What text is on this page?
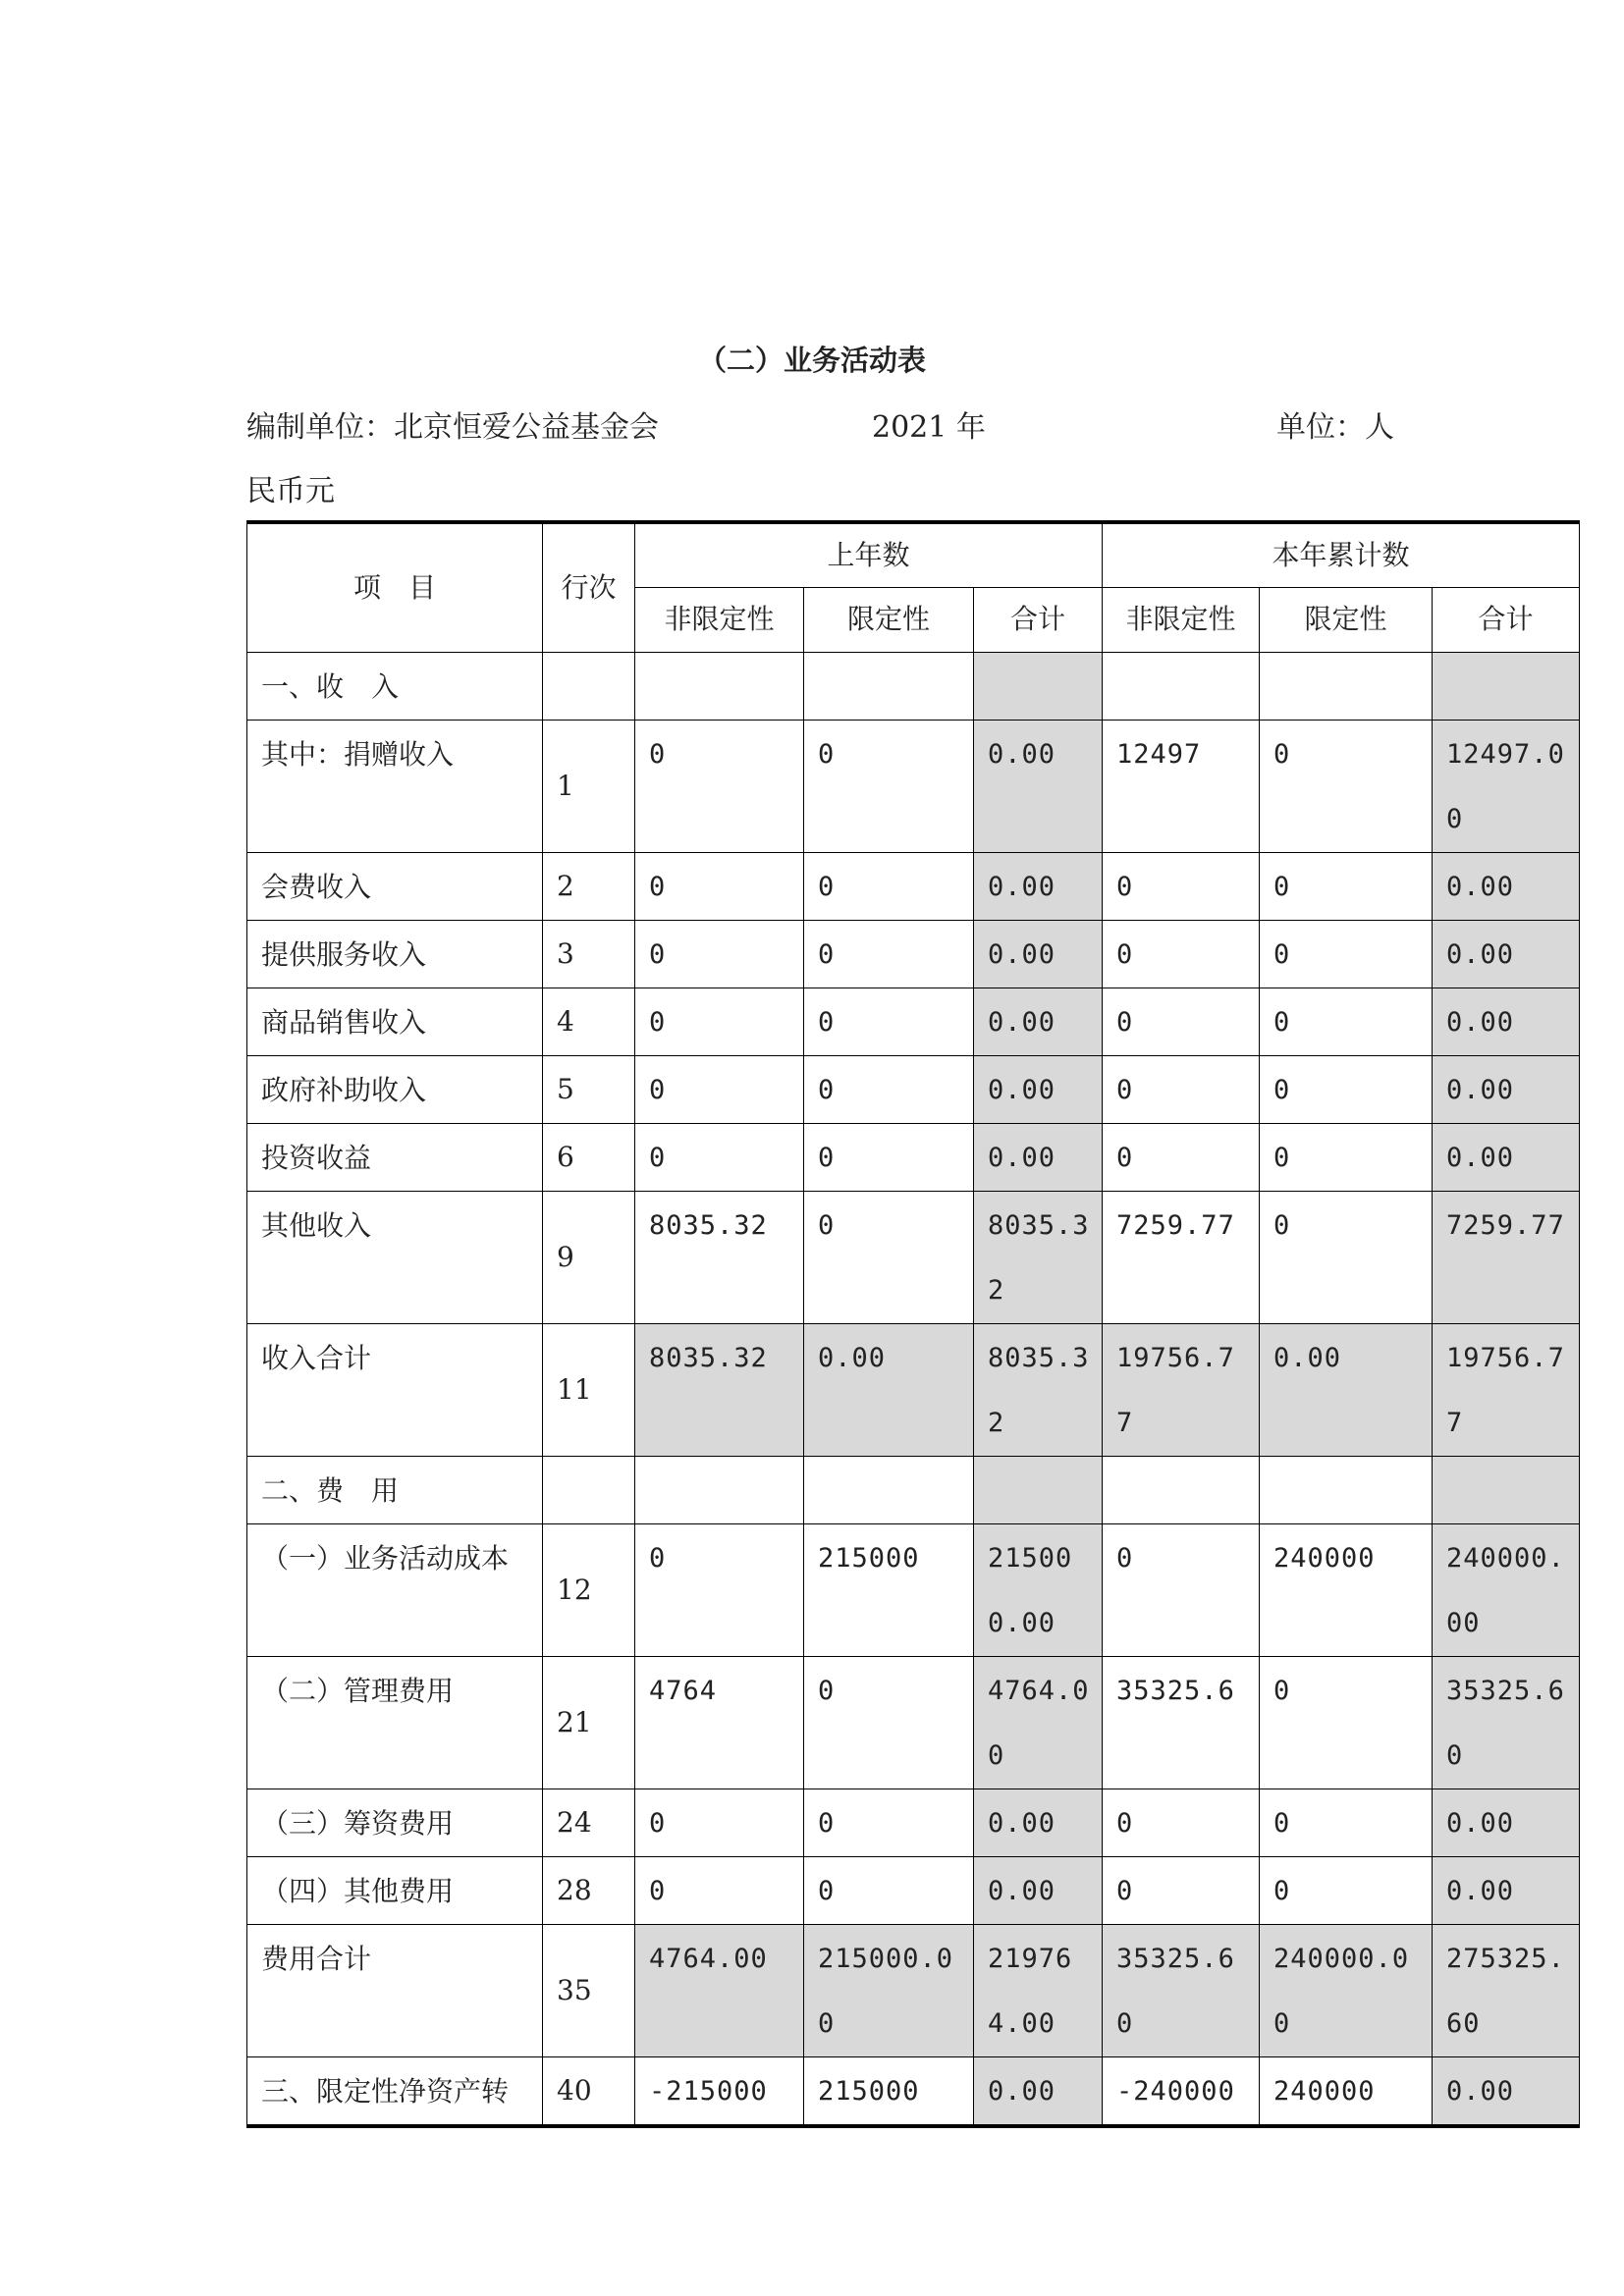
（二）业务活动表
编制单位：北京恒爱公益基金会	2021 年	单位：人
民币元
项　目	行次	上年数			本年累计数		

		非限定性	限定性	合计	非限定性	限定性	合计

一、收　入							

其中：捐赠收入	1	0	0	0.00	12497	0	12497.00

会费收入	2	0	0	0.00	0	0	0.00

提供服务收入	3	0	0	0.00	0	0	0.00

商品销售收入	4	0	0	0.00	0	0	0.00

政府补助收入	5	0	0	0.00	0	0	0.00

投资收益	6	0	0	0.00	0	0	0.00

其他收入	9	8035.32	0	8035.32	7259.77	0	7259.77

收入合计	11	8035.32	0.00	8035.32	19756.77	0.00	19756.77

二、费　用							

（一）业务活动成本	12	0	215000	215000.00	0	240000	240000.00

（二）管理费用	21	4764	0	4764.00	35325.6	0	35325.60

（三）筹资费用	24	0	0	0.00	0	0	0.00

（四）其他费用	28	0	0	0.00	0	0	0.00

费用合计	35	4764.00	215000.00	219764.00	35325.60	240000.00	275325.60

三、限定性净资产转	40	-215000	215000	0.00	-240000	240000	0.00
